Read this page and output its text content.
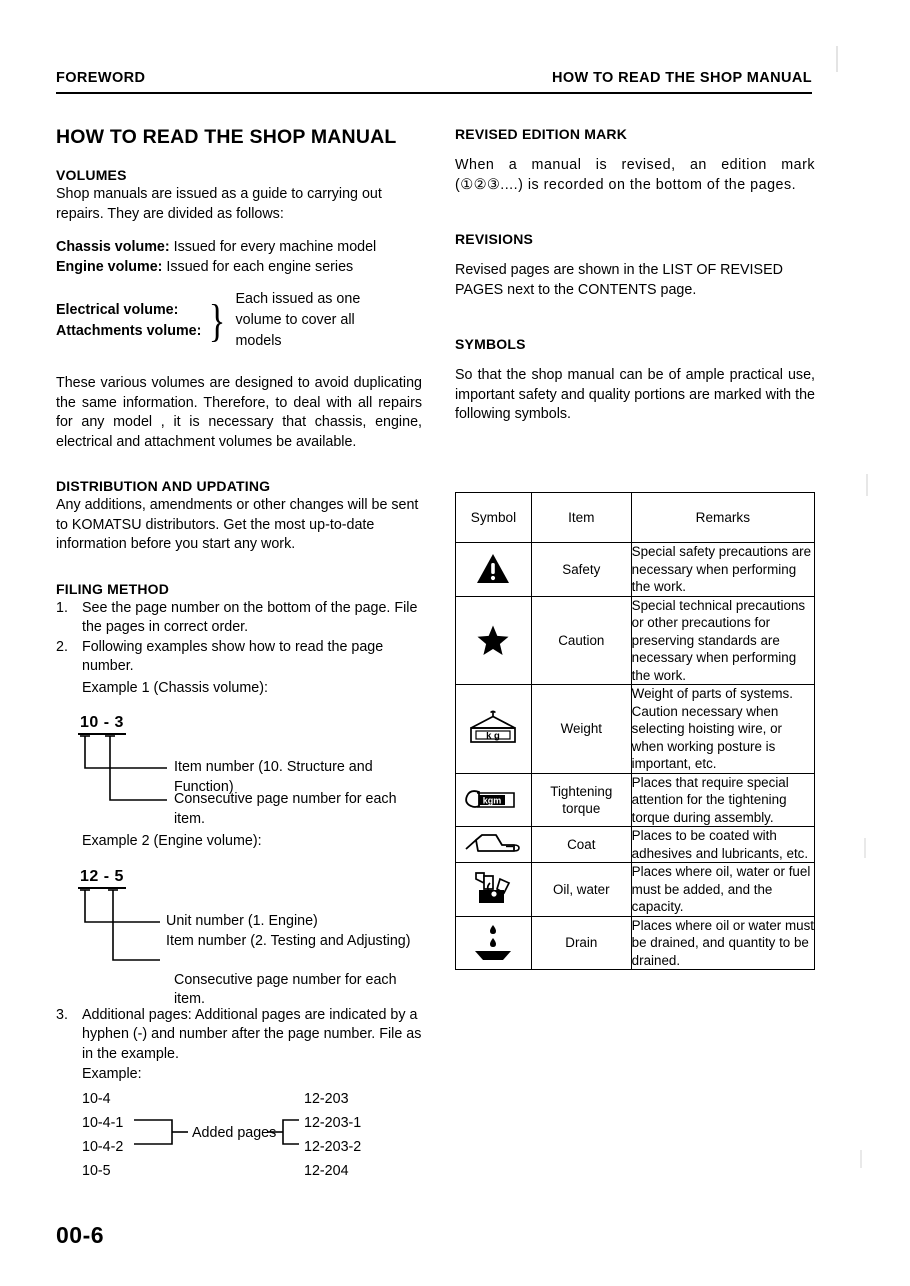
FOREWORD	HOW TO READ THE SHOP MANUAL
HOW TO READ THE SHOP MANUAL
VOLUMES

Shop manuals are issued as a guide to carrying out repairs. They are divided as follows:

Chassis volume: Issued for every machine model
Engine volume: Issued for each engine series
Electrical volume:
Attachments volume: } Each issued as one
volume to cover all
models

These various volumes are designed to avoid duplicating the same information. Therefore, to deal with all repairs for any model , it is necessary that chassis, engine, electrical and attachment volumes be available.

DISTRIBUTION AND UPDATING

Any additions, amendments or other changes will be sent to KOMATSU distributors. Get the most up-to-date information before you start any work.

FILING METHOD
1. See the page number on the bottom of the page. File the pages in correct order.
2. Following examples show how to read the page number.

Example 1 (Chassis volume):

10 - 3
Item number (10. Structure and Function)
Consecutive page number for each item.

Example 2 (Engine volume):

12 - 5
Unit number (1. Engine)
Item number (2. Testing and Adjusting)
Consecutive page number for each item.
3. Additional pages: Additional pages are indicated by a hyphen (-) and number after the page number. File as in the example.
Example:
10-4
10-4-1
10-4-2
10-5
12-203
12-203-1
12-203-2
12-204
Added pages
REVISED EDITION MARK

When a manual is revised, an edition mark (①②③....) is recorded on the bottom of the pages.

REVISIONS

Revised pages are shown in the LIST OF REVISED PAGES next to the CONTENTS page.

SYMBOLS

So that the shop manual can be of ample practical use, important safety and quality portions are marked with the following symbols.

Symbol	Item	Remarks

	Safety	Special safety precautions are necessary when performing the work.

	Caution	Special technical precautions or other precautions for preserving standards are necessary when performing the work.

k g	Weight	Weight of parts of systems. Caution necessary when selecting hoisting wire, or when working posture is important, etc.

kgm	Tightening torque	Places that require special attention for the tightening torque during assembly.

	Coat	Places to be coated with adhesives and lubricants, etc.

	Oil, water	Places where oil, water or fuel must be added, and the capacity.

	Drain	Places where oil or water must be drained, and quantity to be drained.
00-6
